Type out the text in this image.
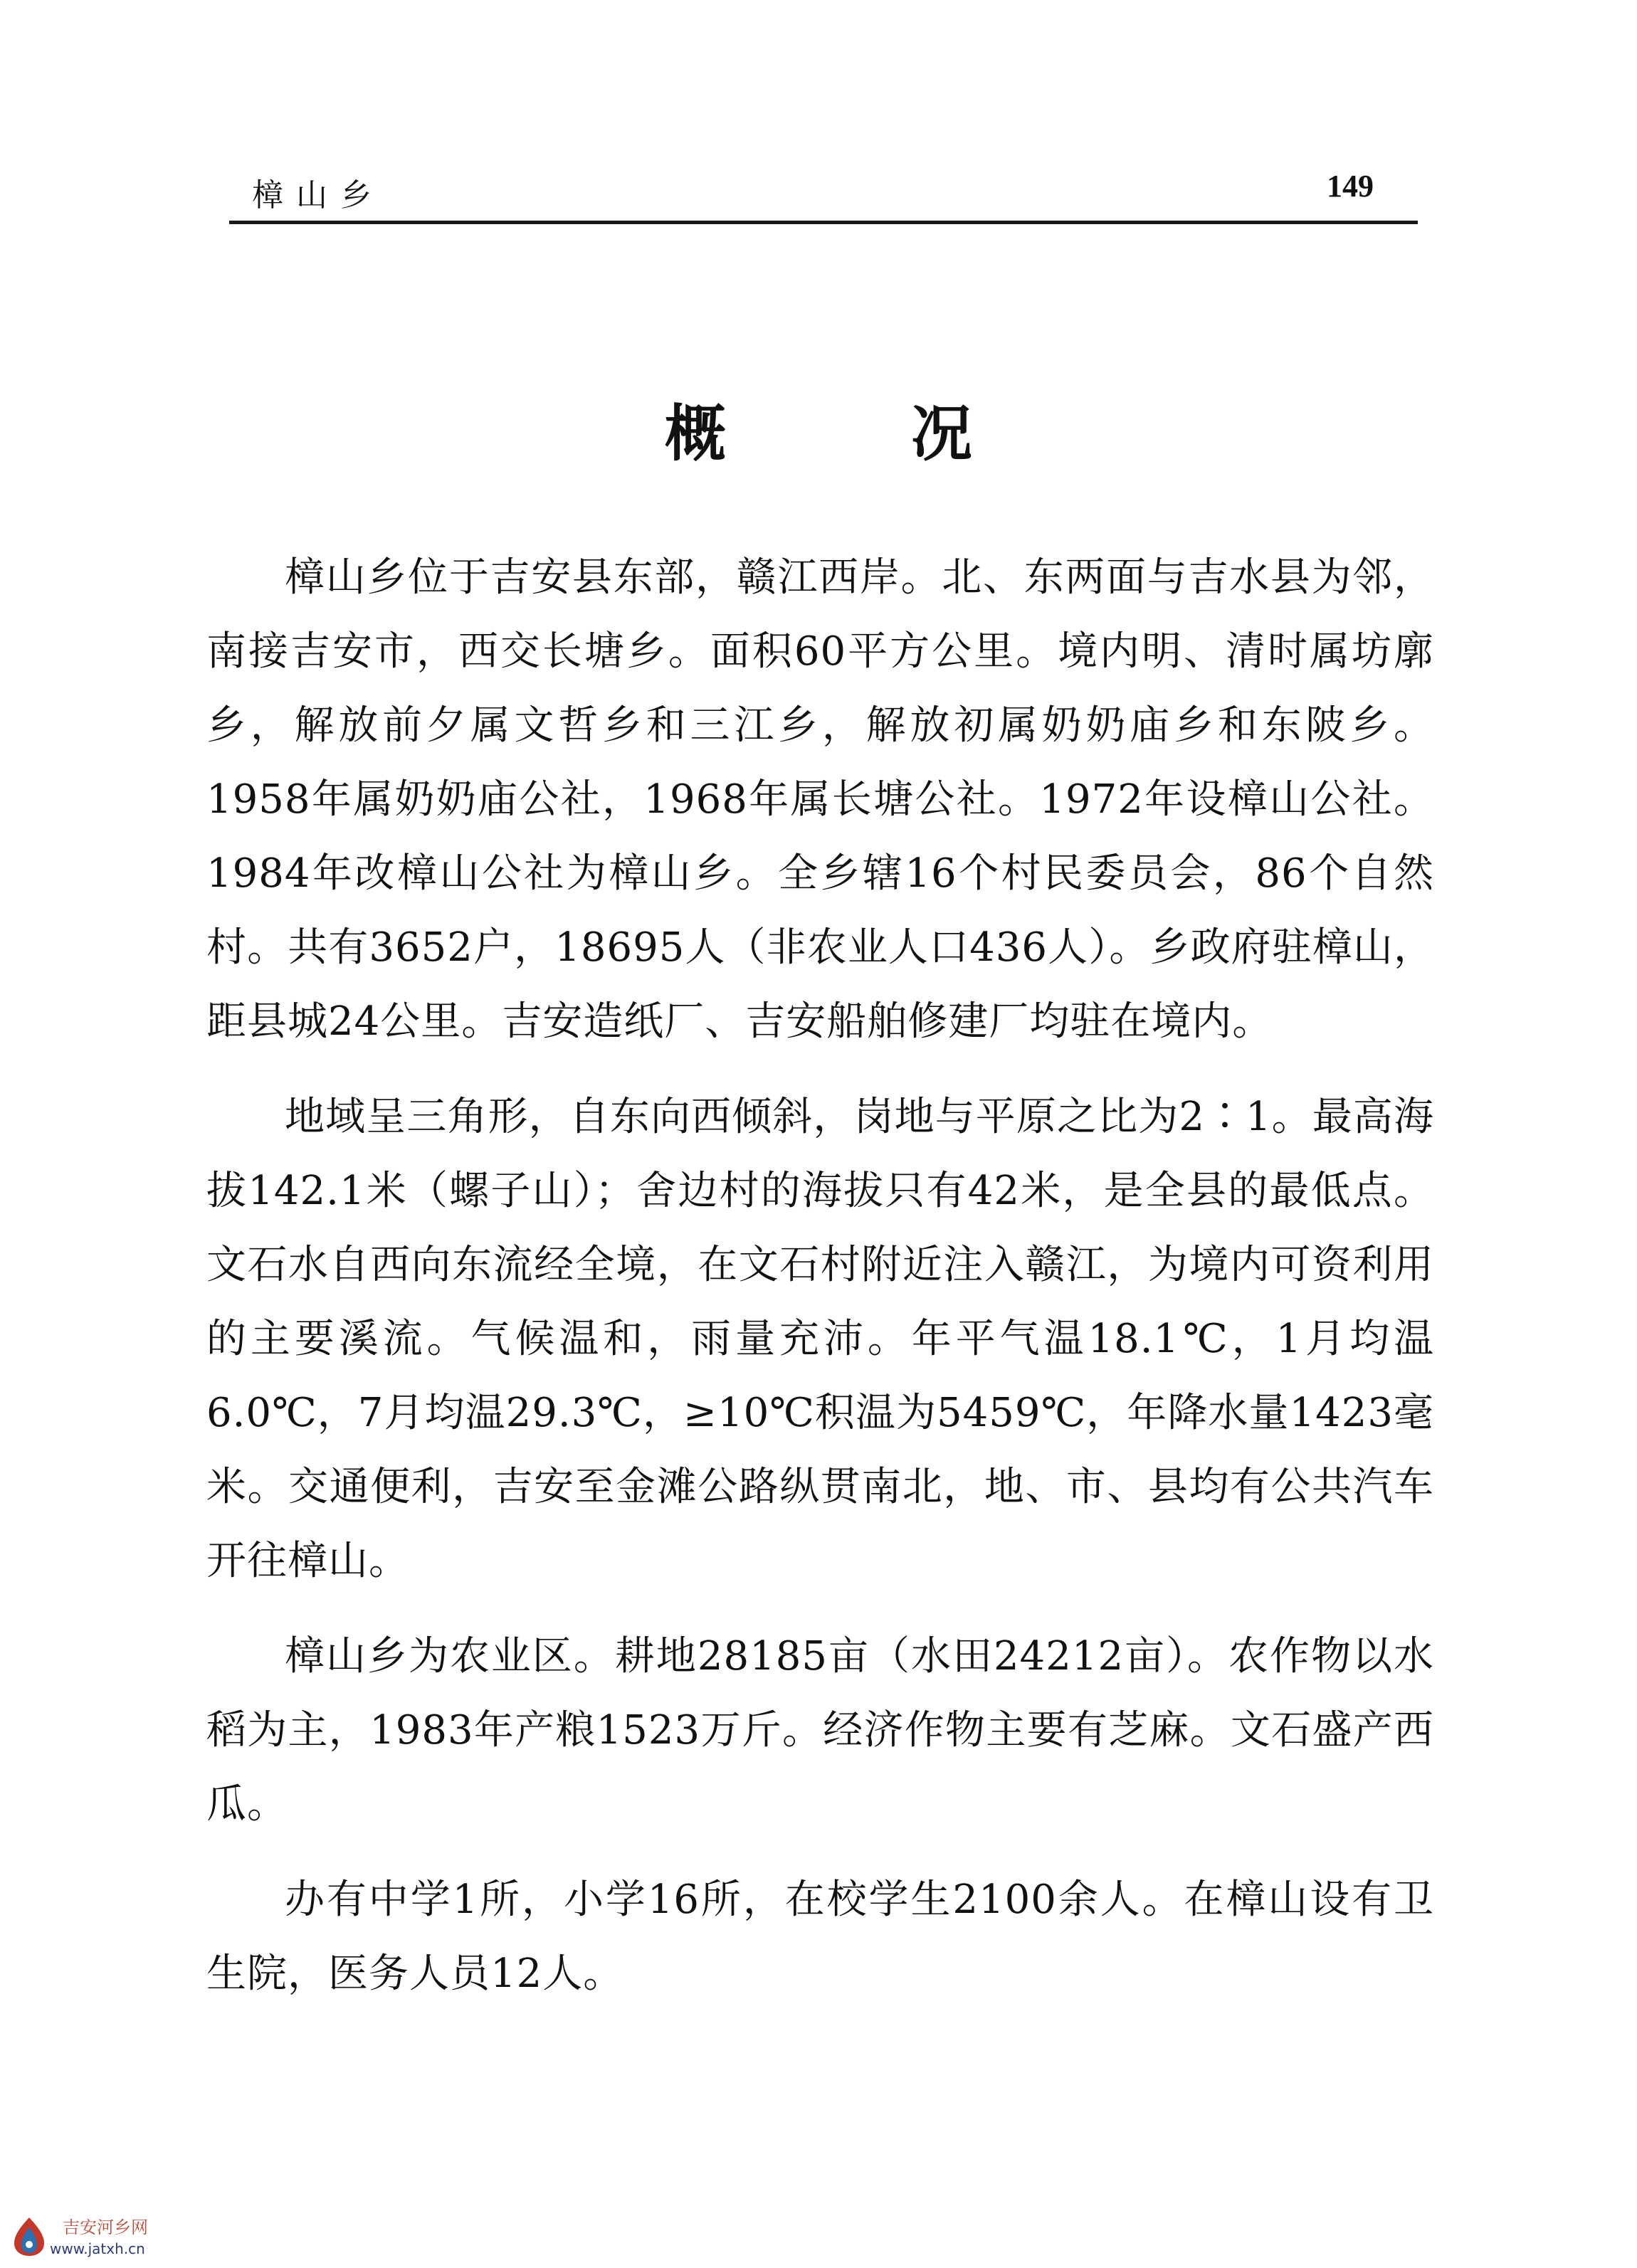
樟山乡	149
概况

樟山乡位于吉安县东部，赣江西岸。北、东两面与吉水县为邻，南接吉安市，西交长塘乡。面积60平方公里。境内明、清时属坊廓乡，解放前夕属文哲乡和三江乡，解放初属奶奶庙乡和东陂乡。1958年属奶奶庙公社，1968年属长塘公社。1972年设樟山公社。1984年改樟山公社为樟山乡。全乡辖16个村民委员会，86个自然村。共有3652户，18695人（非农业人口436人）。乡政府驻樟山，距县城24公里。吉安造纸厂、吉安船舶修建厂均驻在境内。

地域呈三角形，自东向西倾斜，岗地与平原之比为2∶1。最高海拔142.1米（螺子山）；舍边村的海拔只有42米，是全县的最低点。文石水自西向东流经全境，在文石村附近注入赣江，为境内可资利用的主要溪流。气候温和，雨量充沛。年平气温18.1℃，1月均温6.0℃，7月均温29.3℃，≥10℃积温为5459℃，年降水量1423毫米。交通便利，吉安至金滩公路纵贯南北，地、市、县均有公共汽车开往樟山。

樟山乡为农业区。耕地28185亩（水田24212亩）。农作物以水稻为主，1983年产粮1523万斤。经济作物主要有芝麻。文石盛产西瓜。

办有中学1所，小学16所，在校学生2100余人。在樟山设有卫生院，医务人员12人。

吉安河乡网
www.jatxh.cn
